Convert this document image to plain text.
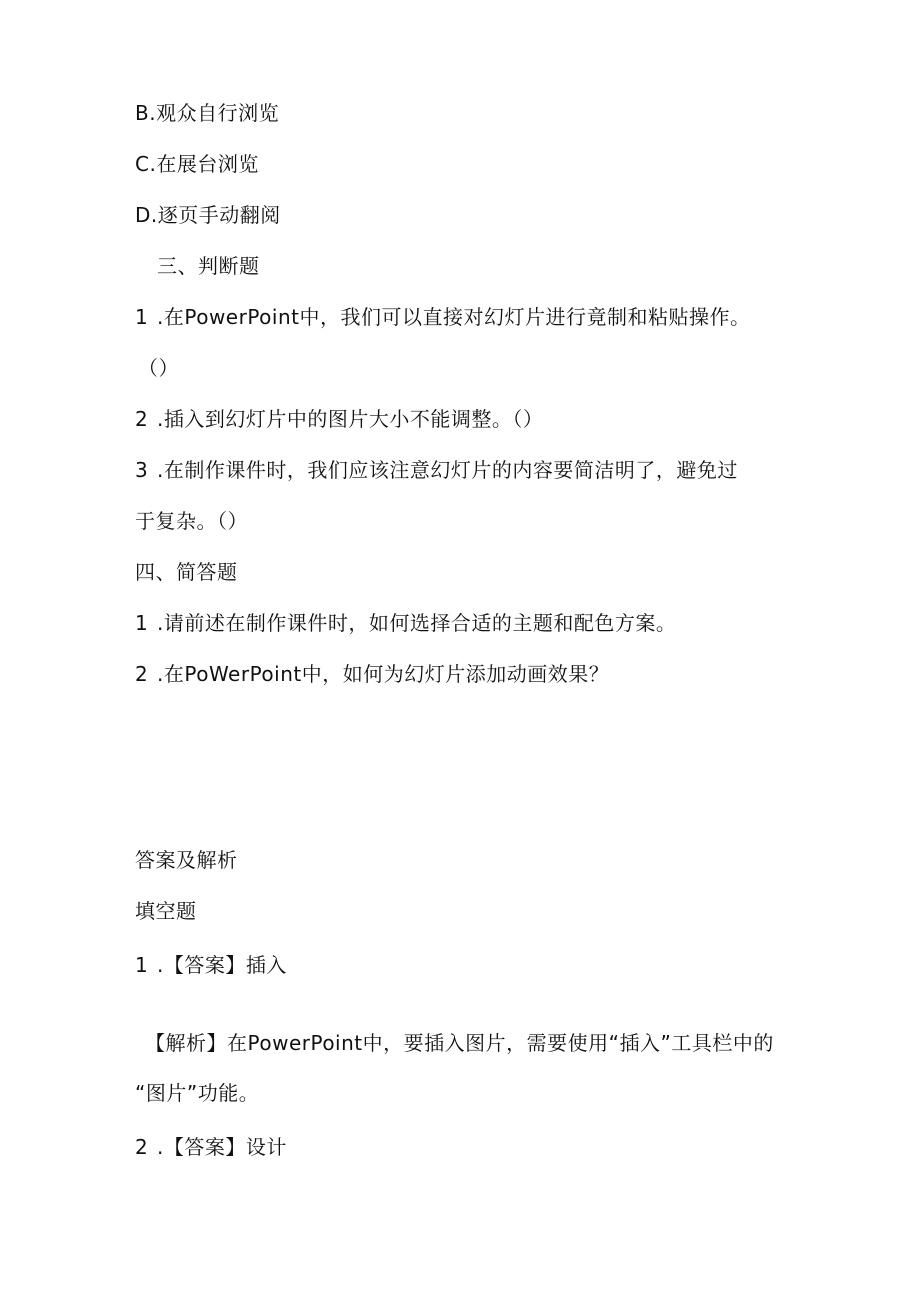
B.观众自行浏览
C.在展台浏览
D.逐页手动翻阅
三、判断题
1 .在PowerPoint中，我们可以直接对幻灯片进行竟制和粘贴操作。
（）
2 .插入到幻灯片中的图片大小不能调整。（）
3 .在制作课件时，我们应该注意幻灯片的内容要简洁明了，避免过
于复杂。（）
四、简答题
1 .请前述在制作课件时，如何选择合适的主题和配色方案。
2 .在PoWerPoint中，如何为幻灯片添加动画效果？
答案及解析
填空题
1 .【答案】插入
【解析】在PowerPoint中，要插入图片，需要使用“插入”工具栏中的
“图片”功能。
2 .【答案】设计
